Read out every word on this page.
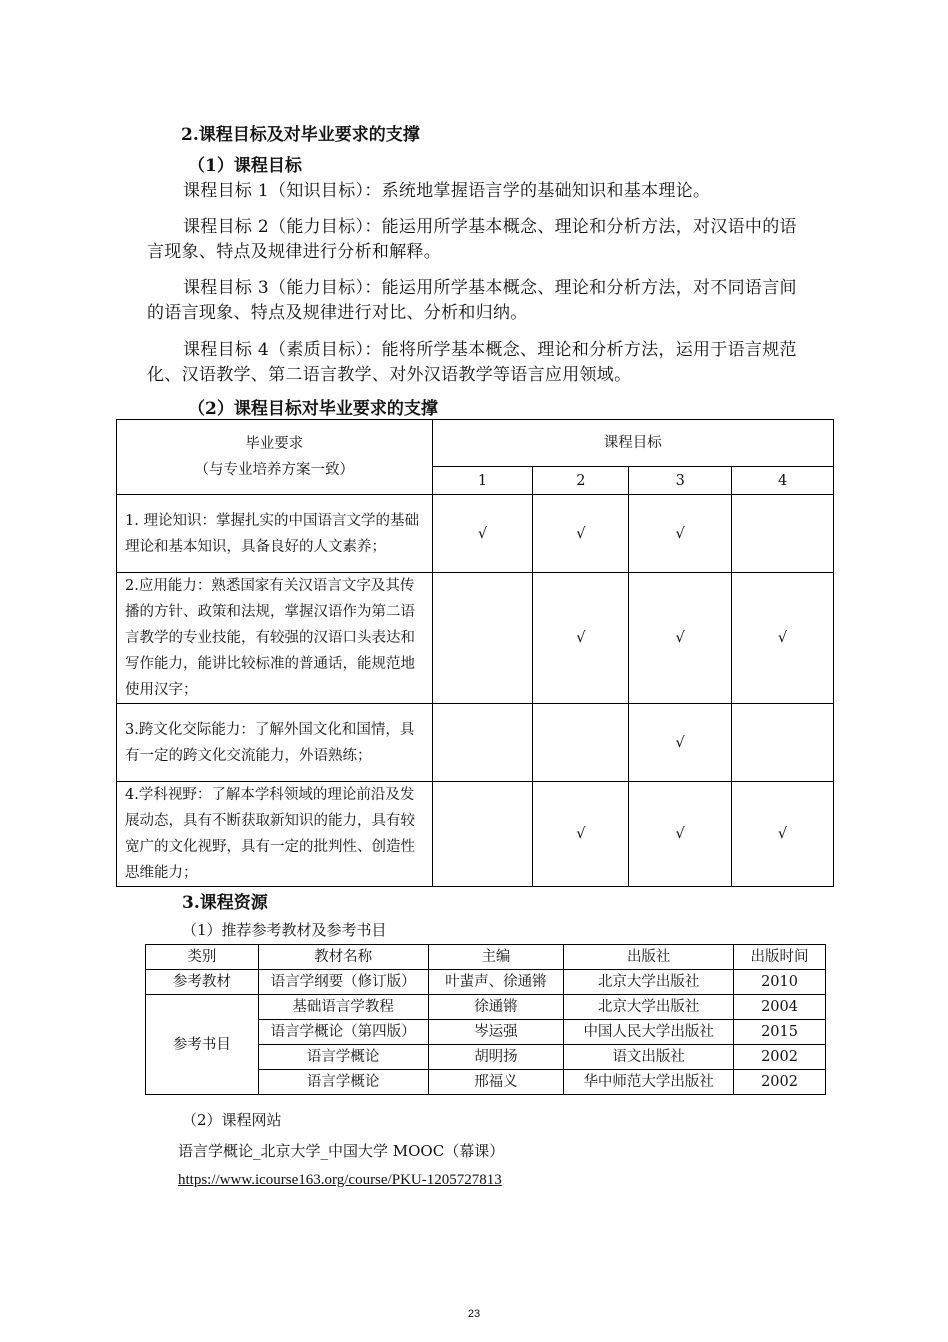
2.课程目标及对毕业要求的支撑
（1）课程目标
课程目标 1（知识目标）：系统地掌握语言学的基础知识和基本理论。
课程目标 2（能力目标）：能运用所学基本概念、理论和分析方法，对汉语中的语言现象、特点及规律进行分析和解释。
课程目标 3（能力目标）：能运用所学基本概念、理论和分析方法，对不同语言间的语言现象、特点及规律进行对比、分析和归纳。
课程目标 4（素质目标）：能将所学基本概念、理论和分析方法，运用于语言规范化、汉语教学、第二语言教学、对外汉语教学等语言应用领域。
（2）课程目标对毕业要求的支撑
毕业要求
（与专业培养方案一致）	课程目标			
	1	2	3	4
1. 理论知识：掌握扎实的中国语言文学的基础理论和基本知识，具备良好的人文素养；	√	√	√	
2.应用能力：熟悉国家有关汉语言文字及其传播的方针、政策和法规，掌握汉语作为第二语言教学的专业技能，有较强的汉语口头表达和写作能力，能讲比较标准的普通话，能规范地使用汉字；		√	√	√
3.跨文化交际能力：了解外国文化和国情，具有一定的跨文化交流能力，外语熟练；			√	
4.学科视野：了解本学科领域的理论前沿及发展动态，具有不断获取新知识的能力，具有较宽广的文化视野，具有一定的批判性、创造性思维能力；		√	√	√
3.课程资源
（1）推荐参考教材及参考书目
类别	教材名称	主编	出版社	出版时间
参考教材	语言学纲要（修订版）	叶蜚声、徐通锵	北京大学出版社	2010
参考书目	基础语言学教程	徐通锵	北京大学出版社	2004
	语言学概论（第四版）	岑运强	中国人民大学出版社	2015
	语言学概论	胡明扬	语文出版社	2002
	语言学概论	邢福义	华中师范大学出版社	2002
（2）课程网站
语言学概论_北京大学_中国大学 MOOC（幕课）
https://www.icourse163.org/course/PKU-1205727813
23
